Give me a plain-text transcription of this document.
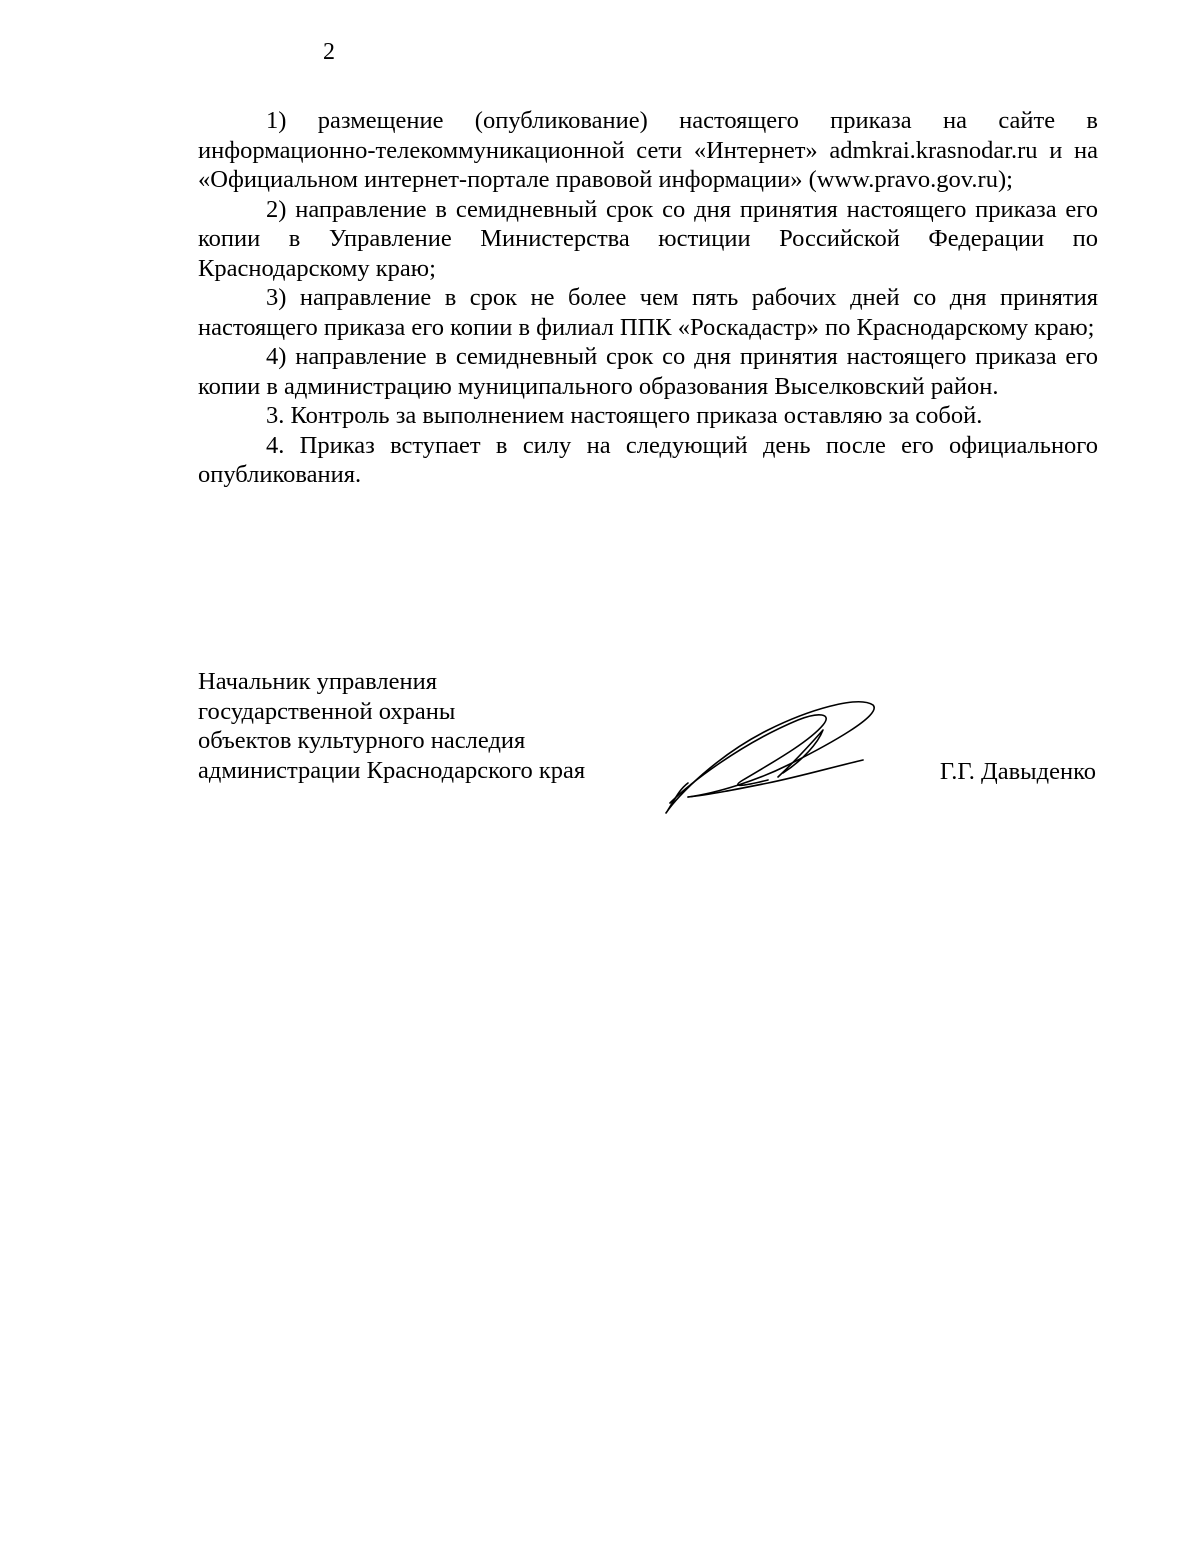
2

1) размещение (опубликование) настоящего приказа на сайте в информационно-телекоммуникационной сети «Интернет» admkrai.krasnodar.ru и на «Официальном интернет-портале правовой информации» (www.pravo.gov.ru);

2) направление в семидневный срок со дня принятия настоящего приказа его копии в Управление Министерства юстиции Российской Федерации по Краснодарскому краю;

3) направление в срок не более чем пять рабочих дней со дня принятия настоящего приказа его копии в филиал ППК «Роскадастр» по Краснодарскому краю;

4) направление в семидневный срок со дня принятия настоящего приказа его копии в администрацию муниципального образования Выселковский район.

3. Контроль за выполнением настоящего приказа оставляю за собой.

4. Приказ вступает в силу на следующий день после его официального опубликования.

Начальник управления
государственной охраны
объектов культурного наследия
администрации Краснодарского края	Г.Г. Давыденко
